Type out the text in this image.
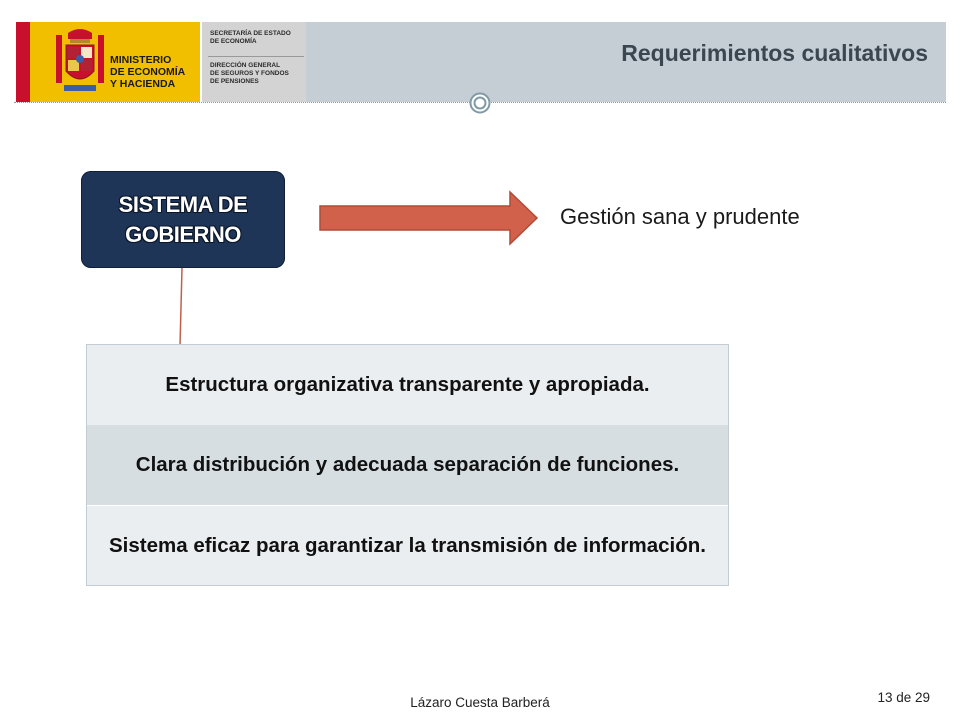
MINISTERIO
DE ECONOMÍA
Y HACIENDA
SECRETARÍA DE ESTADO
DE ECONOMÍA
DIRECCIÓN GENERAL
DE SEGUROS Y FONDOS
DE PENSIONES
Requerimientos cualitativos
SISTEMA DE
GOBIERNO
Gestión sana y prudente
Estructura organizativa transparente y apropiada.
Clara distribución y adecuada separación de funciones.
Sistema eficaz para garantizar la transmisión de información.
Lázaro Cuesta Barberá	13 de 29
